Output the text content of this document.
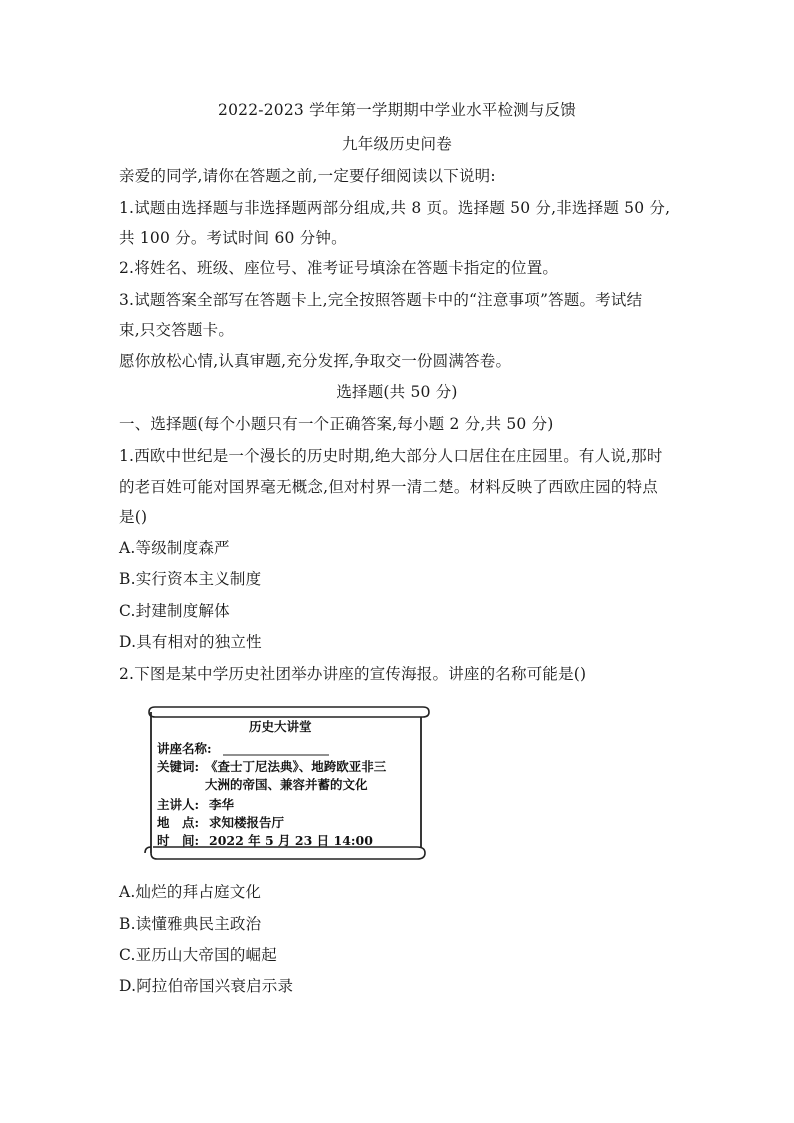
2022-2023 学年第一学期期中学业水平检测与反馈
九年级历史问卷
亲爱的同学,请你在答题之前,一定要仔细阅读以下说明:
1.试题由选择题与非选择题两部分组成,共 8 页。选择题 50 分,非选择题 50 分,
共 100 分。考试时间 60 分钟。
2.将姓名、班级、座位号、准考证号填涂在答题卡指定的位置。
3.试题答案全部写在答题卡上,完全按照答题卡中的“注意事项”答题。考试结
束,只交答题卡。
愿你放松心情,认真审题,充分发挥,争取交一份圆满答卷。
选择题(共 50 分)
一、选择题(每个小题只有一个正确答案,每小题 2 分,共 50 分)
1.西欧中世纪是一个漫长的历史时期,绝大部分人口居住在庄园里。有人说,那时
的老百姓可能对国界毫无概念,但对村界一清二楚。材料反映了西欧庄园的特点
是()
A.等级制度森严
B.实行资本主义制度
C.封建制度解体
D.具有相对的独立性
2.下图是某中学历史社团举办讲座的宣传海报。讲座的名称可能是()
历史大讲堂
讲座名称:
关键词: 《查士丁尼法典》、地跨欧亚非三
大洲的帝国、兼容并蓄的文化
主讲人: 李华
地　点: 求知楼报告厅
时　间: 2022 年 5 月 23 日 14:00
A.灿烂的拜占庭文化
B.读懂雅典民主政治
C.亚历山大帝国的崛起
D.阿拉伯帝国兴衰启示录
